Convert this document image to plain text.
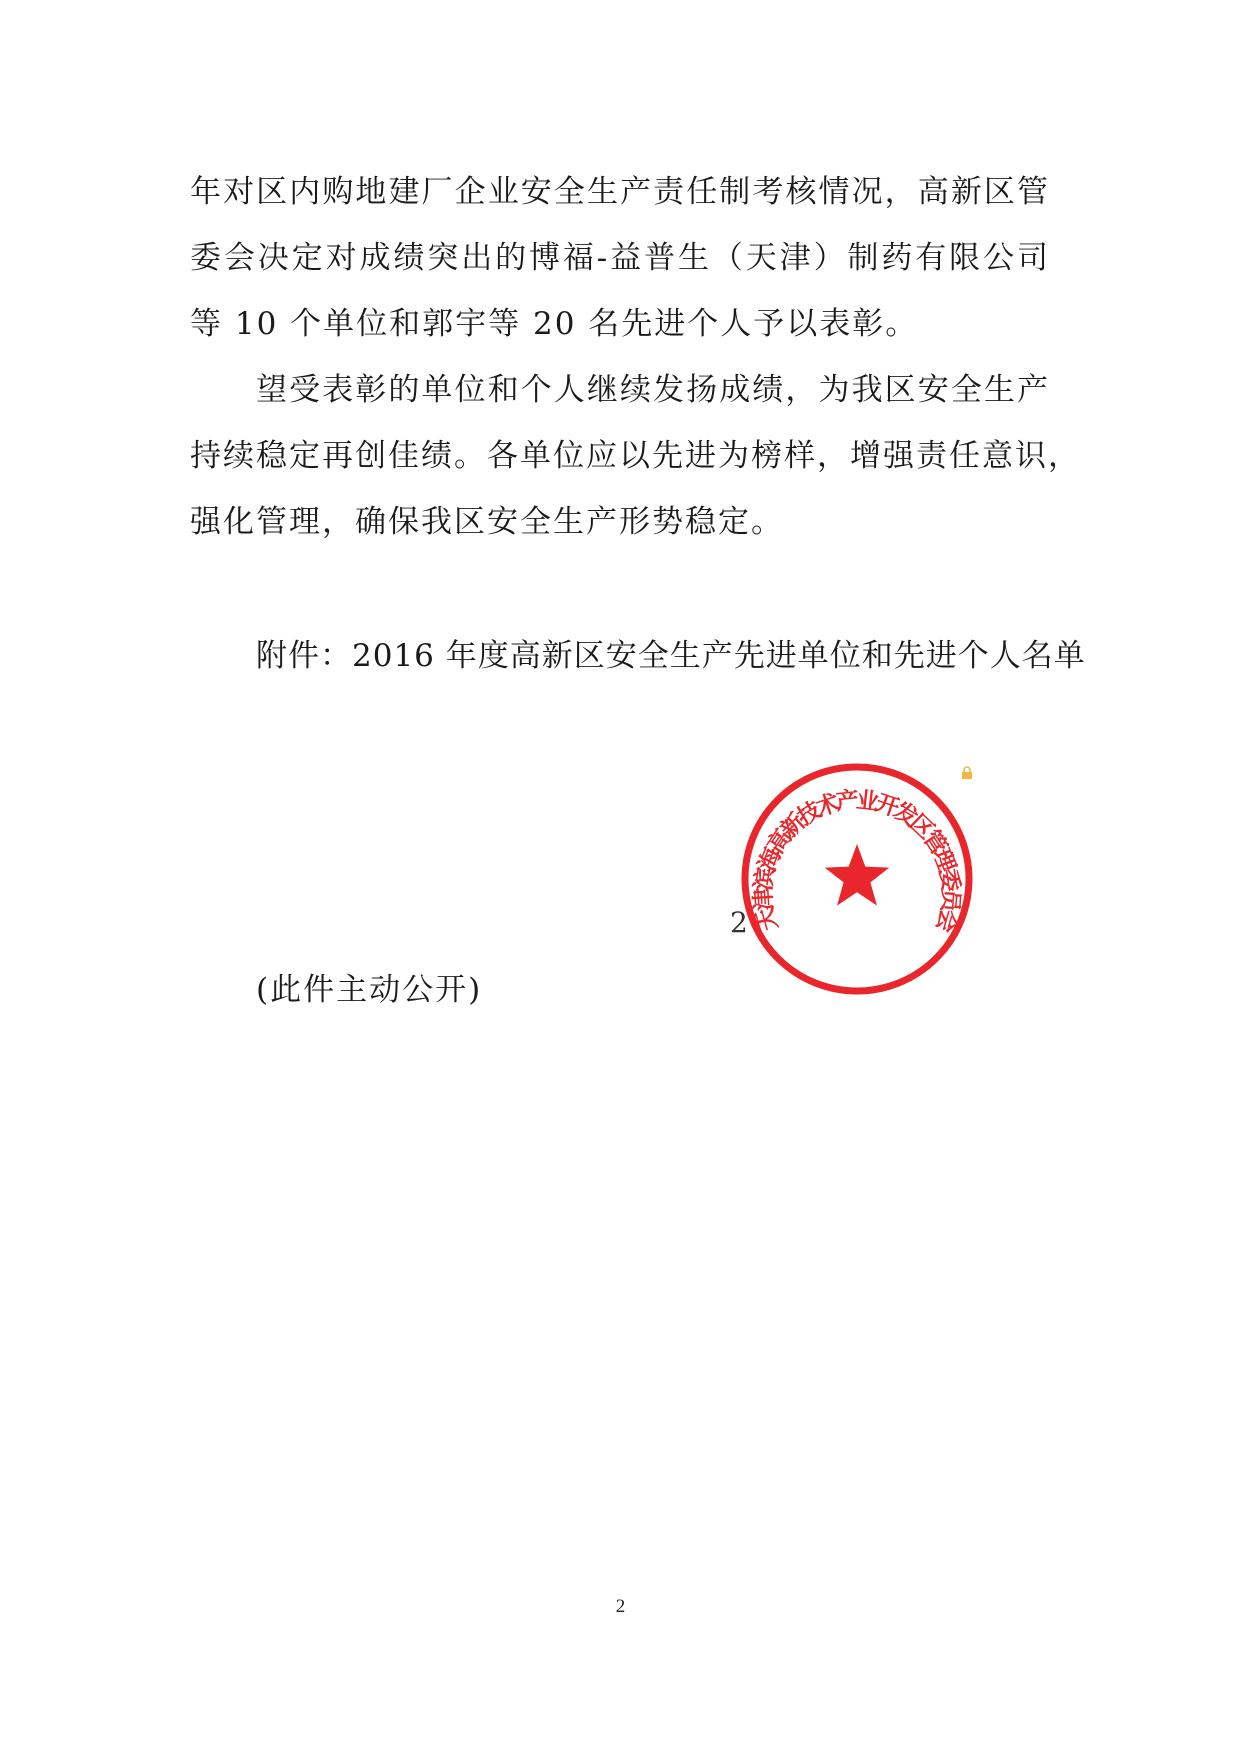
年对区内购地建厂企业安全生产责任制考核情况，高新区管
委会决定对成绩突出的博福-益普生（天津）制药有限公司
等 10 个单位和郭宇等 20 名先进个人予以表彰。
望受表彰的单位和个人继续发扬成绩，为我区安全生产
持续稳定再创佳绩。各单位应以先进为榜样，增强责任意识，
强化管理，确保我区安全生产形势稳定。
附件：2016 年度高新区安全生产先进单位和先进个人名单
2 天津滨海高新技术产业开发区管理委员会
(此件主动公开)
2
